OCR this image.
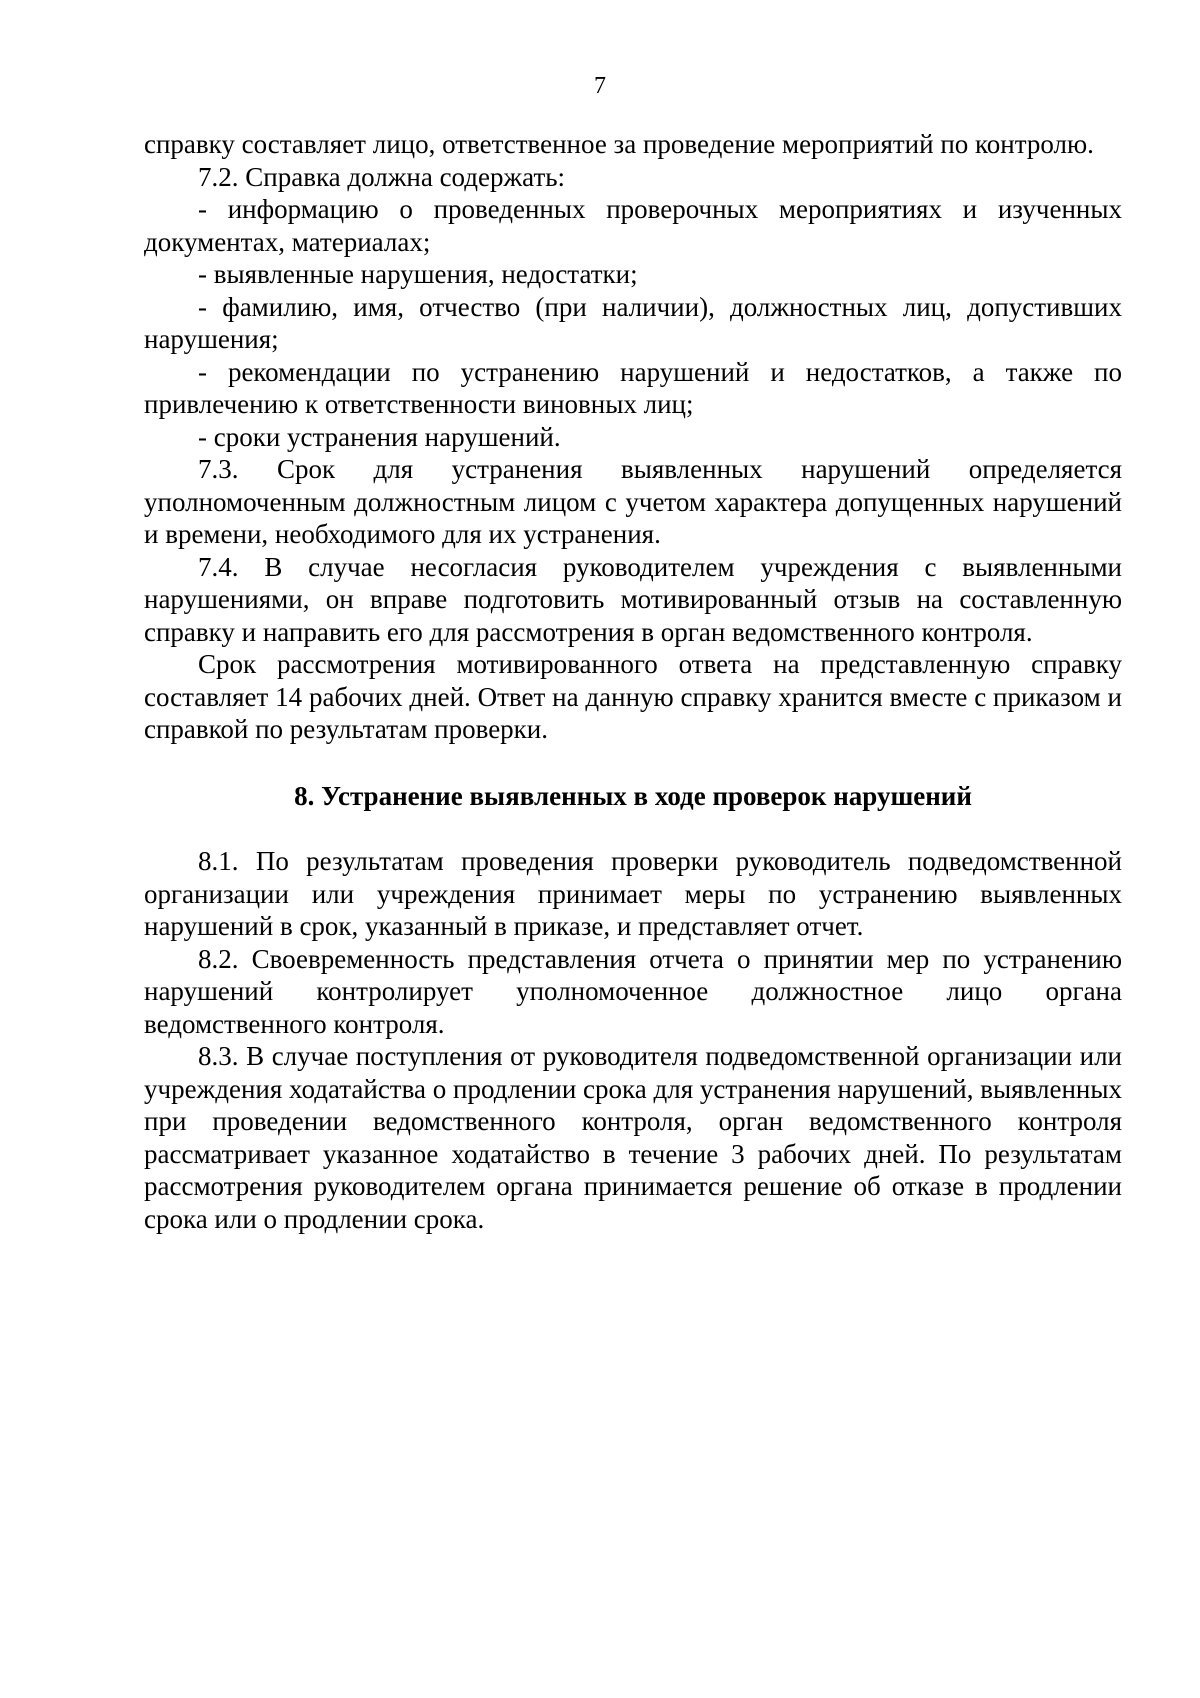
7

справку составляет лицо, ответственное за проведение мероприятий по контролю.

7.2. Справка должна содержать:

- информацию о проведенных проверочных мероприятиях и изученных документах, материалах;

- выявленные нарушения, недостатки;

- фамилию, имя, отчество (при наличии), должностных лиц, допустивших нарушения;

- рекомендации по устранению нарушений и недостатков, а также по привлечению к ответственности виновных лиц;

- сроки устранения нарушений.

7.3. Срок для устранения выявленных нарушений определяется уполномоченным должностным лицом с учетом характера допущенных нарушений и времени, необходимого для их устранения.

7.4. В случае несогласия руководителем учреждения с выявленными нарушениями, он вправе подготовить мотивированный отзыв на составленную справку и направить его для рассмотрения в орган ведомственного контроля.

Срок рассмотрения мотивированного ответа на представленную справку составляет 14 рабочих дней. Ответ на данную справку хранится вместе с приказом и справкой по результатам проверки.

8. Устранение выявленных в ходе проверок нарушений

8.1. По результатам проведения проверки руководитель подведомственной организации или учреждения принимает меры по устранению выявленных нарушений в срок, указанный в приказе, и представляет отчет.

8.2. Своевременность представления отчета о принятии мер по устранению нарушений контролирует уполномоченное должностное лицо органа ведомственного контроля.

8.3. В случае поступления от руководителя подведомственной организации или учреждения ходатайства о продлении срока для устранения нарушений, выявленных при проведении ведомственного контроля, орган ведомственного контроля рассматривает указанное ходатайство в течение 3 рабочих дней. По результатам рассмотрения руководителем органа принимается решение об отказе в продлении срока или о продлении срока.
